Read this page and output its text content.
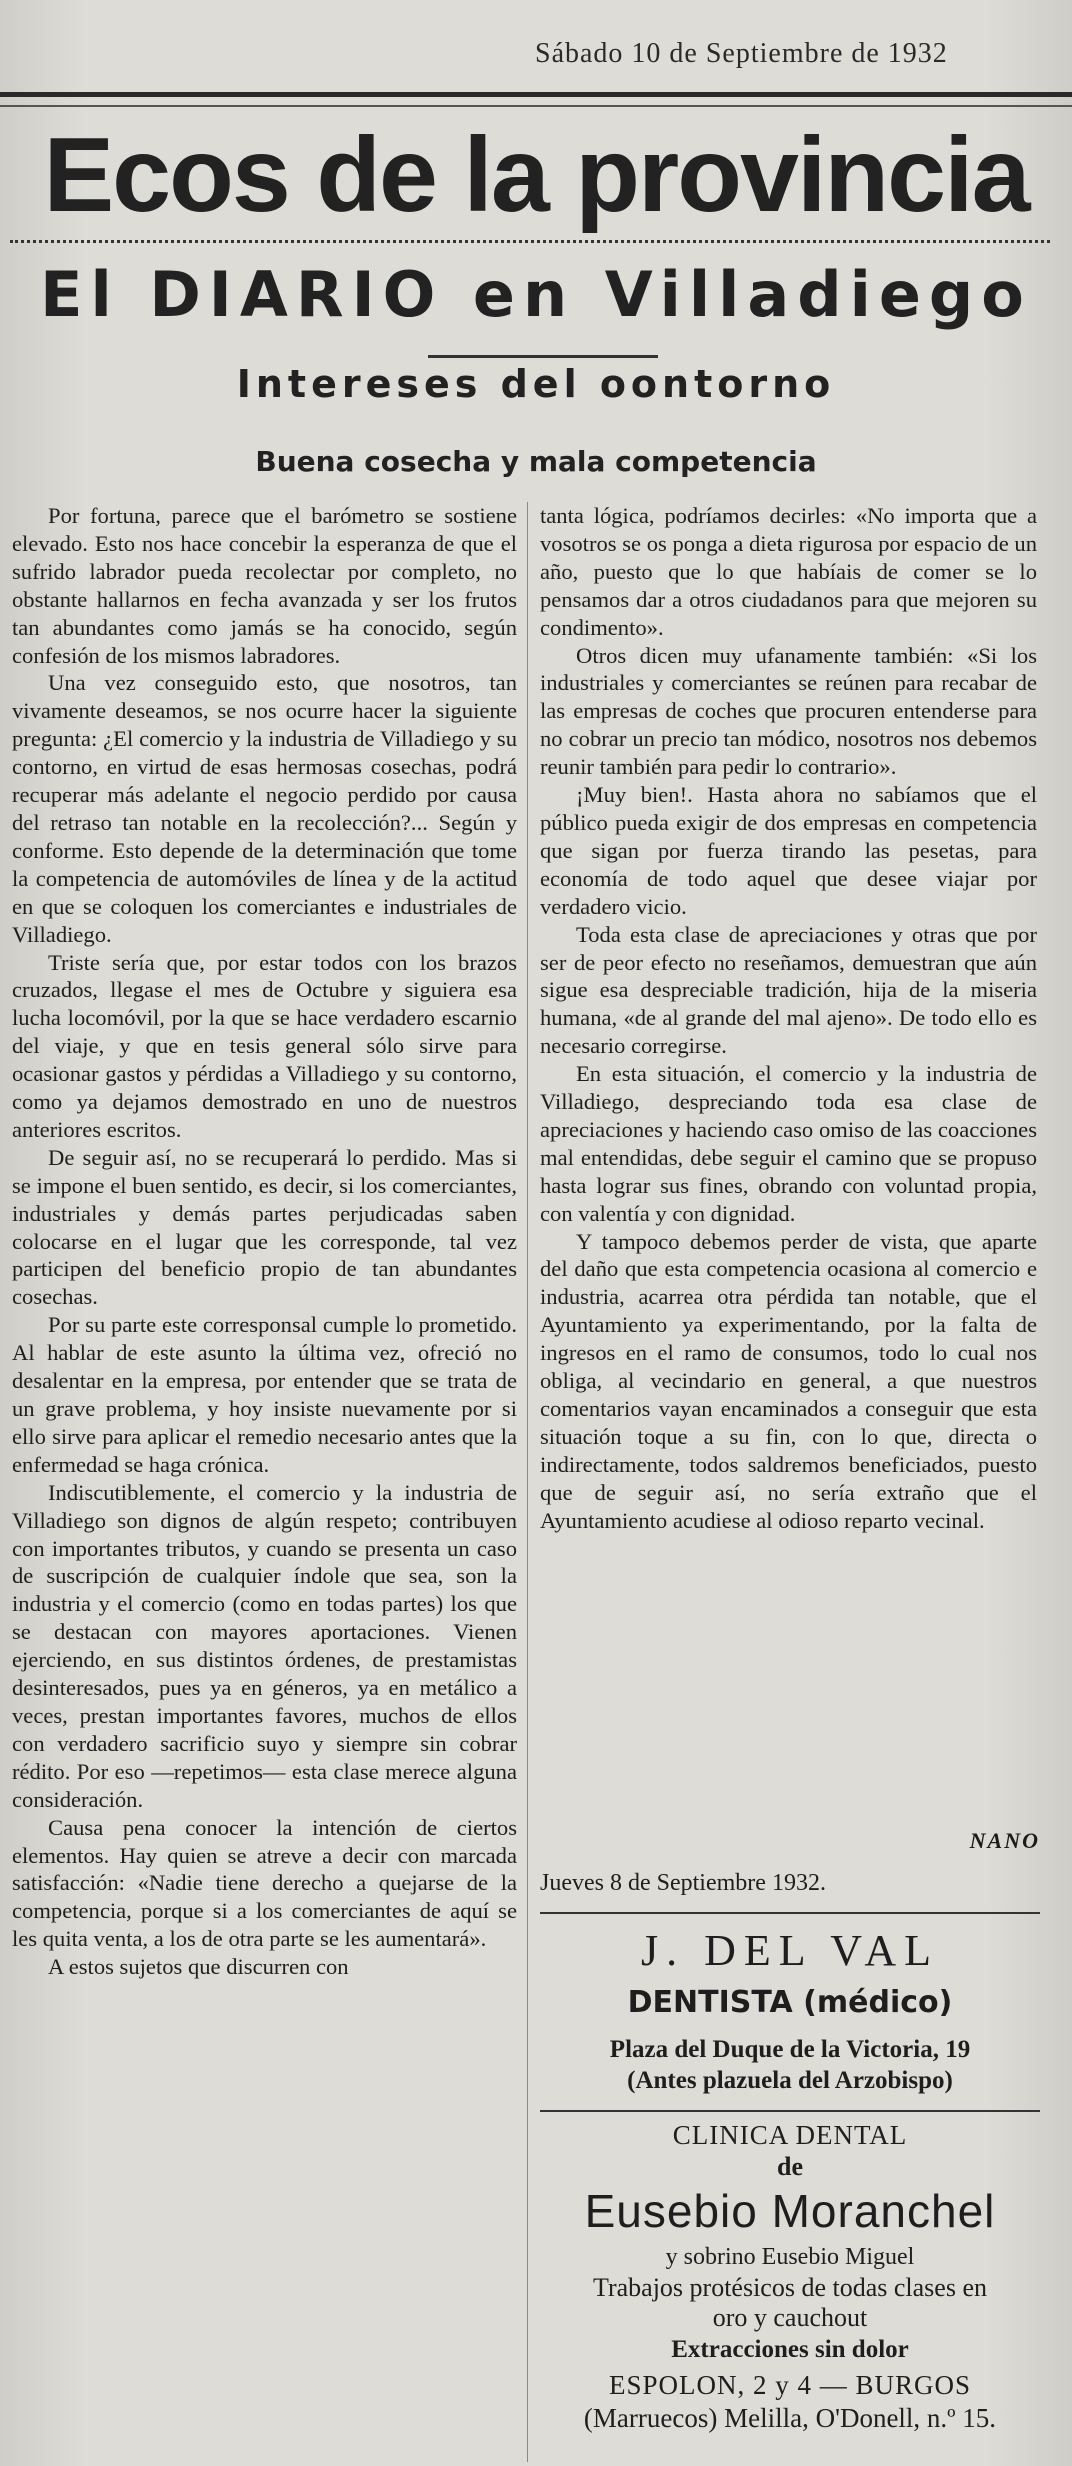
Sábado 10 de Septiembre de 1932
Ecos de la provincia
El DIARIO en Villadiego
Intereses del oontorno
Buena cosecha y mala competencia

Por fortuna, parece que el barómetro se sostiene elevado. Esto nos hace concebir la esperanza de que el sufrido labrador pueda recolectar por completo, no obstante hallarnos en fecha avanzada y ser los frutos tan abundantes como jamás se ha conocido, según confesión de los mismos labradores.

Una vez conseguido esto, que nosotros, tan vivamente deseamos, se nos ocurre hacer la siguiente pregunta: ¿El comercio y la industria de Villadiego y su contorno, en virtud de esas hermosas cosechas, podrá recuperar más adelante el negocio perdido por causa del retraso tan notable en la recolección?... Según y conforme. Esto depende de la determinación que tome la competencia de automóviles de línea y de la actitud en que se coloquen los comerciantes e industriales de Villadiego.

Triste sería que, por estar todos con los brazos cruzados, llegase el mes de Octubre y siguiera esa lucha locomóvil, por la que se hace verdadero escarnio del viaje, y que en tesis general sólo sirve para ocasionar gastos y pérdidas a Villadiego y su contorno, como ya dejamos demostrado en uno de nuestros anteriores escritos.

De seguir así, no se recuperará lo perdido. Mas si se impone el buen sentido, es decir, si los comerciantes, industriales y demás partes perjudicadas saben colocarse en el lugar que les corresponde, tal vez participen del beneficio propio de tan abundantes cosechas.

Por su parte este corresponsal cumple lo prometido. Al hablar de este asunto la última vez, ofreció no desalentar en la empresa, por entender que se trata de un grave problema, y hoy insiste nuevamente por si ello sirve para aplicar el remedio necesario antes que la enfermedad se haga crónica.

Indiscutiblemente, el comercio y la industria de Villadiego son dignos de algún respeto; contribuyen con importantes tributos, y cuando se presenta un caso de suscripción de cualquier índole que sea, son la industria y el comercio (como en todas partes) los que se destacan con mayores aportaciones. Vienen ejerciendo, en sus distintos órdenes, de prestamistas desinteresados, pues ya en géneros, ya en metálico a veces, prestan importantes favores, muchos de ellos con verdadero sacrificio suyo y siempre sin cobrar rédito. Por eso —repetimos— esta clase merece alguna consideración.

Causa pena conocer la intención de ciertos elementos. Hay quien se atreve a decir con marcada satisfacción: «Nadie tiene derecho a quejarse de la competencia, porque si a los comerciantes de aquí se les quita venta, a los de otra parte se les aumentará».

A estos sujetos que discurren con

tanta lógica, podríamos decirles: «No importa que a vosotros se os ponga a dieta rigurosa por espacio de un año, puesto que lo que habíais de comer se lo pensamos dar a otros ciudadanos para que mejoren su condimento».

Otros dicen muy ufanamente también: «Si los industriales y comerciantes se reúnen para recabar de las empresas de coches que procuren entenderse para no cobrar un precio tan módico, nosotros nos debemos reunir también para pedir lo contrario».

¡Muy bien!. Hasta ahora no sabíamos que el público pueda exigir de dos empresas en competencia que sigan por fuerza tirando las pesetas, para economía de todo aquel que desee viajar por verdadero vicio.

Toda esta clase de apreciaciones y otras que por ser de peor efecto no reseñamos, demuestran que aún sigue esa despreciable tradición, hija de la miseria humana, «de al grande del mal ajeno». De todo ello es necesario corregirse.

En esta situación, el comercio y la industria de Villadiego, despreciando toda esa clase de apreciaciones y haciendo caso omiso de las coacciones mal entendidas, debe seguir el camino que se propuso hasta lograr sus fines, obrando con voluntad propia, con valentía y con dignidad.

Y tampoco debemos perder de vista, que aparte del daño que esta competencia ocasiona al comercio e industria, acarrea otra pérdida tan notable, que el Ayuntamiento ya experimentando, por la falta de ingresos en el ramo de consumos, todo lo cual nos obliga, al vecindario en general, a que nuestros comentarios vayan encaminados a conseguir que esta situación toque a su fin, con lo que, directa o indirectamente, todos saldremos beneficiados, puesto que de seguir así, no sería extraño que el Ayuntamiento acudiese al odioso reparto vecinal.

NANO
Jueves 8 de Septiembre 1932.
J. DEL VAL
DENTISTA (médico)
Plaza del Duque de la Victoria, 19
(Antes plazuela del Arzobispo)
CLINICA DENTAL
de
Eusebio Moranchel
y sobrino Eusebio Miguel
Trabajos protésicos de todas clases en
oro y cauchout
Extracciones sin dolor
ESPOLON, 2 y 4 — BURGOS
(Marruecos) Melilla, O'Donell, n.º 15.
